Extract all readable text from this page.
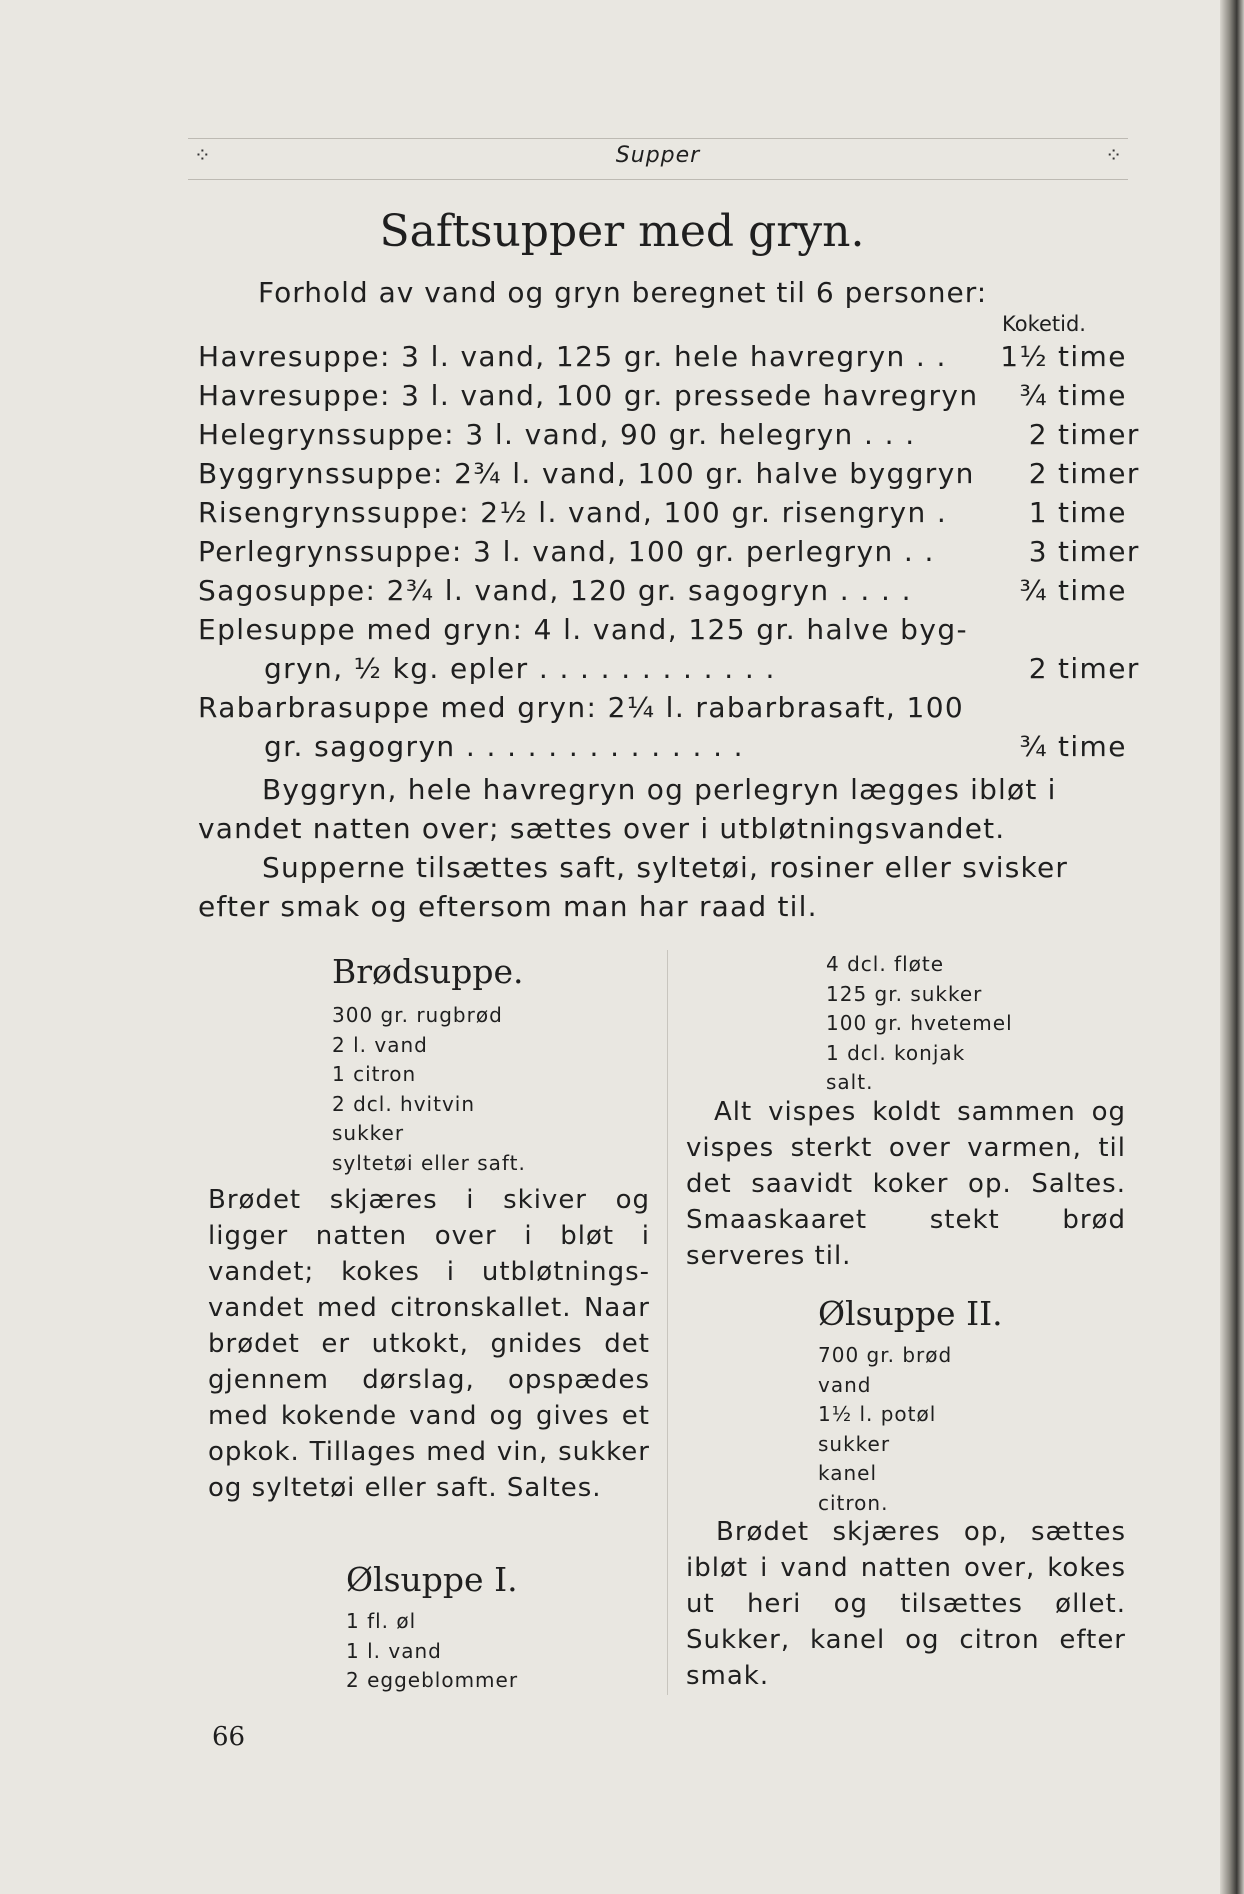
⁘	Supper	⁘
Saftsupper med gryn.
Forhold av vand og gryn beregnet til 6 personer:
Koketid.
Havresuppe: 3 l. vand, 125 gr. hele havregryn . .	1½ time
Havresuppe: 3 l. vand, 100 gr. pressede havregryn	¾ time
Helegrynssuppe: 3 l. vand, 90 gr. helegryn . . .	2 timer
Byggrynssuppe: 2¾ l. vand, 100 gr. halve byggryn	2 timer
Risengrynssuppe: 2½ l. vand, 100 gr. risengryn .	1 time
Perlegrynssuppe: 3 l. vand, 100 gr. perlegryn . .	3 timer
Sagosuppe: 2¾ l. vand, 120 gr. sagogryn . . . .	¾ time
Eplesuppe med gryn: 4 l. vand, 125 gr. halve byg-
gryn, ½ kg. epler . . . . . . . . . . . .	2 timer
Rabarbrasuppe med gryn: 2¼ l. rabarbrasaft, 100
gr. sagogryn . . . . . . . . . . . . . .	¾ time
Byggryn, hele havregryn og perlegryn lægges ibløt i
vandet natten over; sættes over i utbløtningsvandet.
Supperne tilsættes saft, syltetøi, rosiner eller svisker
efter smak og eftersom man har raad til.
Brødsuppe.
300 gr. rugbrød
2 l. vand
1 citron
2 dcl. hvitvin
sukker
syltetøi eller saft.
Brødet skjæres i skiver og ligger natten over i bløt i vandet; kokes i utbløtnings-vandet med citronskallet. Naar brødet er utkokt, gnides det gjennem dørslag, opspædes med kokende vand og gives et opkok. Tillages med vin, sukker og syltetøi eller saft. Saltes.
Ølsuppe I.
1 fl. øl
1 l. vand
2 eggeblommer
4 dcl. fløte
125 gr. sukker
100 gr. hvetemel
1 dcl. konjak
salt.
Alt vispes koldt sammen og vispes sterkt over varmen, til det saavidt koker op. Saltes. Smaaskaaret stekt brød serveres til.
Ølsuppe II.
700 gr. brød
vand
1½ l. potøl
sukker
kanel
citron.
Brødet skjæres op, sættes ibløt i vand natten over, kokes ut heri og tilsættes øllet. Sukker, kanel og citron efter smak.
66
